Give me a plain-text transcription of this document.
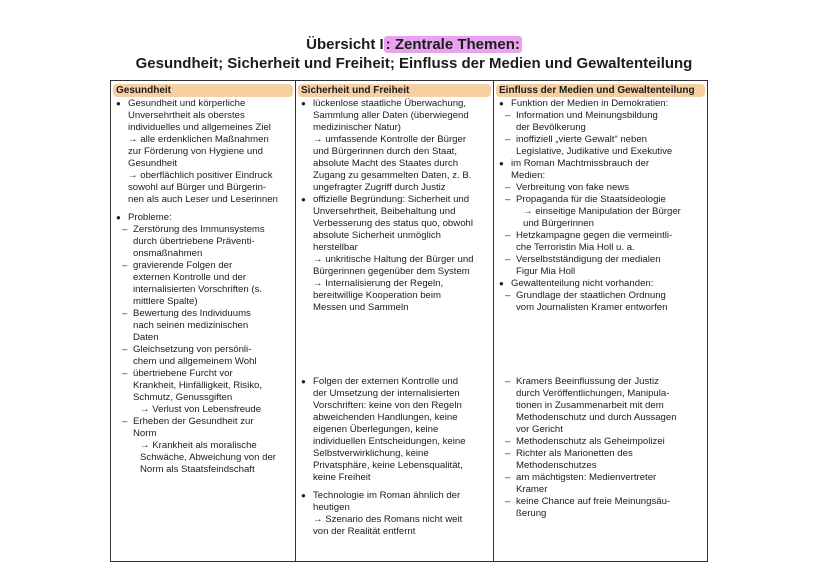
Übersicht I : Zentrale Themen:
Gesundheit; Sicherheit und Freiheit; Einfluss der Medien und Gewaltenteilung
Gesundheit
● Gesundheit und körperliche
Unversehrtheit als oberstes
individuelles und allgemeines Ziel
→ alle erdenklichen Maßnahmen
zur Förderung von Hygiene und
Gesundheit
→ oberflächlich positiver Eindruck
sowohl auf Bürger und Bürgerin-
nen als auch Leser und Leserinnen
● Probleme:
– Zerstörung des Immunsystems
durch übertriebene Präventi-
onsmaßnahmen
– gravierende Folgen der
externen Kontrolle und der
internalisierten Vorschriften (s.
mittlere Spalte)
– Bewertung des Individuums
nach seinen medizinischen
Daten
– Gleichsetzung von persönli-
chem und allgemeinem Wohl
– übertriebene Furcht vor
Krankheit, Hinfälligkeit, Risiko,
Schmutz, Genussgiften
→ Verlust von Lebensfreude
– Erheben der Gesundheit zur
Norm
→ Krankheit als moralische
Schwäche, Abweichung von der
Norm als Staatsfeindschaft
Sicherheit und Freiheit
● lückenlose staatliche Überwachung,
Sammlung aller Daten (überwiegend
medizinischer Natur)
→ umfassende Kontrolle der Bürger
und Bürgerinnen durch den Staat,
absolute Macht des Staates durch
Zugang zu gesammelten Daten, z. B.
ungefragter Zugriff durch Justiz
● offizielle Begründung: Sicherheit und
Unversehrtheit, Beibehaltung und
Verbesserung des status quo, obwohl
absolute Sicherheit unmöglich
herstellbar
→ unkritische Haltung der Bürger und
Bürgerinnen gegenüber dem System
→ Internalisierung der Regeln,
bereitwillige Kooperation beim
Messen und Sammeln
● Folgen der externen Kontrolle und
der Umsetzung der internalisierten
Vorschriften: keine von den Regeln
abweichenden Handlungen, keine
eigenen Überlegungen, keine
individuellen Entscheidungen, keine
Selbstverwirklichung, keine
Privatsphäre, keine Lebensqualität,
keine Freiheit
● Technologie im Roman ähnlich der
heutigen
→ Szenario des Romans nicht weit
von der Realität entfernt
Einfluss der Medien und Gewaltenteilung
● Funktion der Medien in Demokratien:
– Information und Meinungsbildung
der Bevölkerung
– inoffiziell „vierte Gewalt“ neben
Legislative, Judikative und Exekutive
● im Roman Machtmissbrauch der
Medien:
– Verbreitung von fake news
– Propaganda für die Staatsideologie
→ einseitige Manipulation der Bürger
und Bürgerinnen
– Hetzkampagne gegen die vermeintli-
che Terroristin Mia Holl u. a.
– Verselbstständigung der medialen
Figur Mia Holl
● Gewaltenteilung nicht vorhanden:
– Grundlage der staatlichen Ordnung
vom Journalisten Kramer entworfen
– Kramers Beeinflussung der Justiz
durch Veröffentlichungen, Manipula-
tionen in Zusammenarbeit mit dem
Methodenschutz und durch Aussagen
vor Gericht
– Methodenschutz als Geheimpolizei
– Richter als Marionetten des
Methodenschutzes
– am mächtigsten: Medienvertreter
Kramer
– keine Chance auf freie Meinungsäu-
ßerung
